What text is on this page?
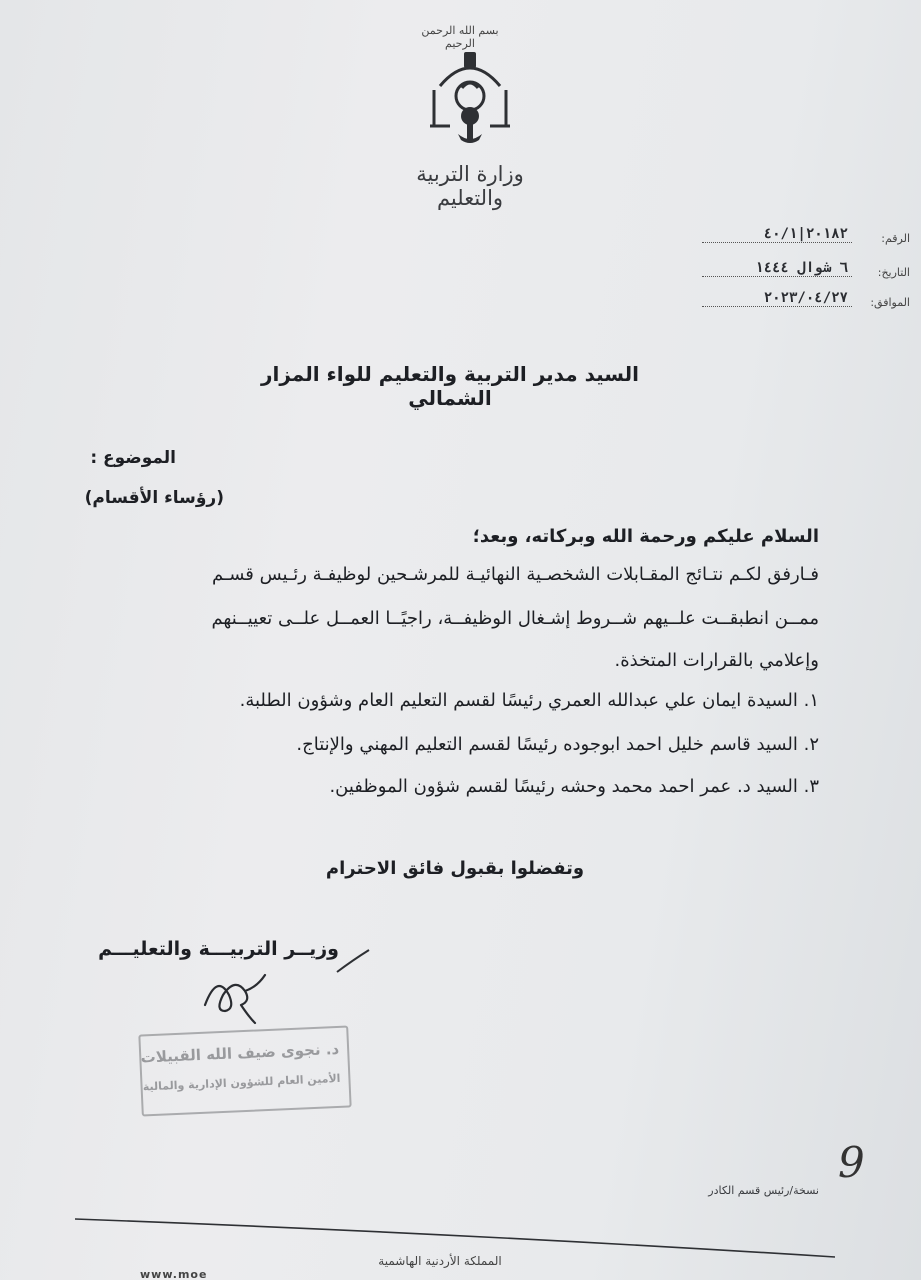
بسم الله الرحمن الرحيم
وزارة التربية والتعليم
الرقم:
٢٠١٨٢|٤٠/١
التاريخ:
٦ شوال ١٤٤٤
الموافق:
٢٠٢٣/٠٤/٢٧
السيد مدير التربية والتعليم للواء المزار الشمالي
الموضوع :
(رؤساء الأقسام)
السلام عليكم ورحمة الله وبركاته، وبعد؛
فـارفق لكـم نتـائج المقـابلات الشخصـية النهائيـة للمرشـحين لوظيفـة رئـيس قسـم
ممــن انطبقــت علــيهم شــروط إشـغال الوظيفــة، راجيًــا العمــل علــى تعييــنهم
وإعلامي بالقرارات المتخذة.
١. السيدة ايمان علي عبدالله العمري رئيسًا لقسم التعليم العام وشؤون الطلبة.
٢. السيد قاسم خليل احمد ابوجوده رئيسًا لقسم التعليم المهني والإنتاج.
٣. السيد د. عمر احمد محمد وحشه رئيسًا لقسم شؤون الموظفين.
وتفضلوا بقبول فائق الاحترام
وزيــر التربيـــة والتعليـــم
د. نجوى ضيف الله القبيلات
الأمين العام للشؤون الإدارية والمالية
9
نسخة/رئيس قسم الكادر
المملكة الأردنية الهاشمية
www.moe
